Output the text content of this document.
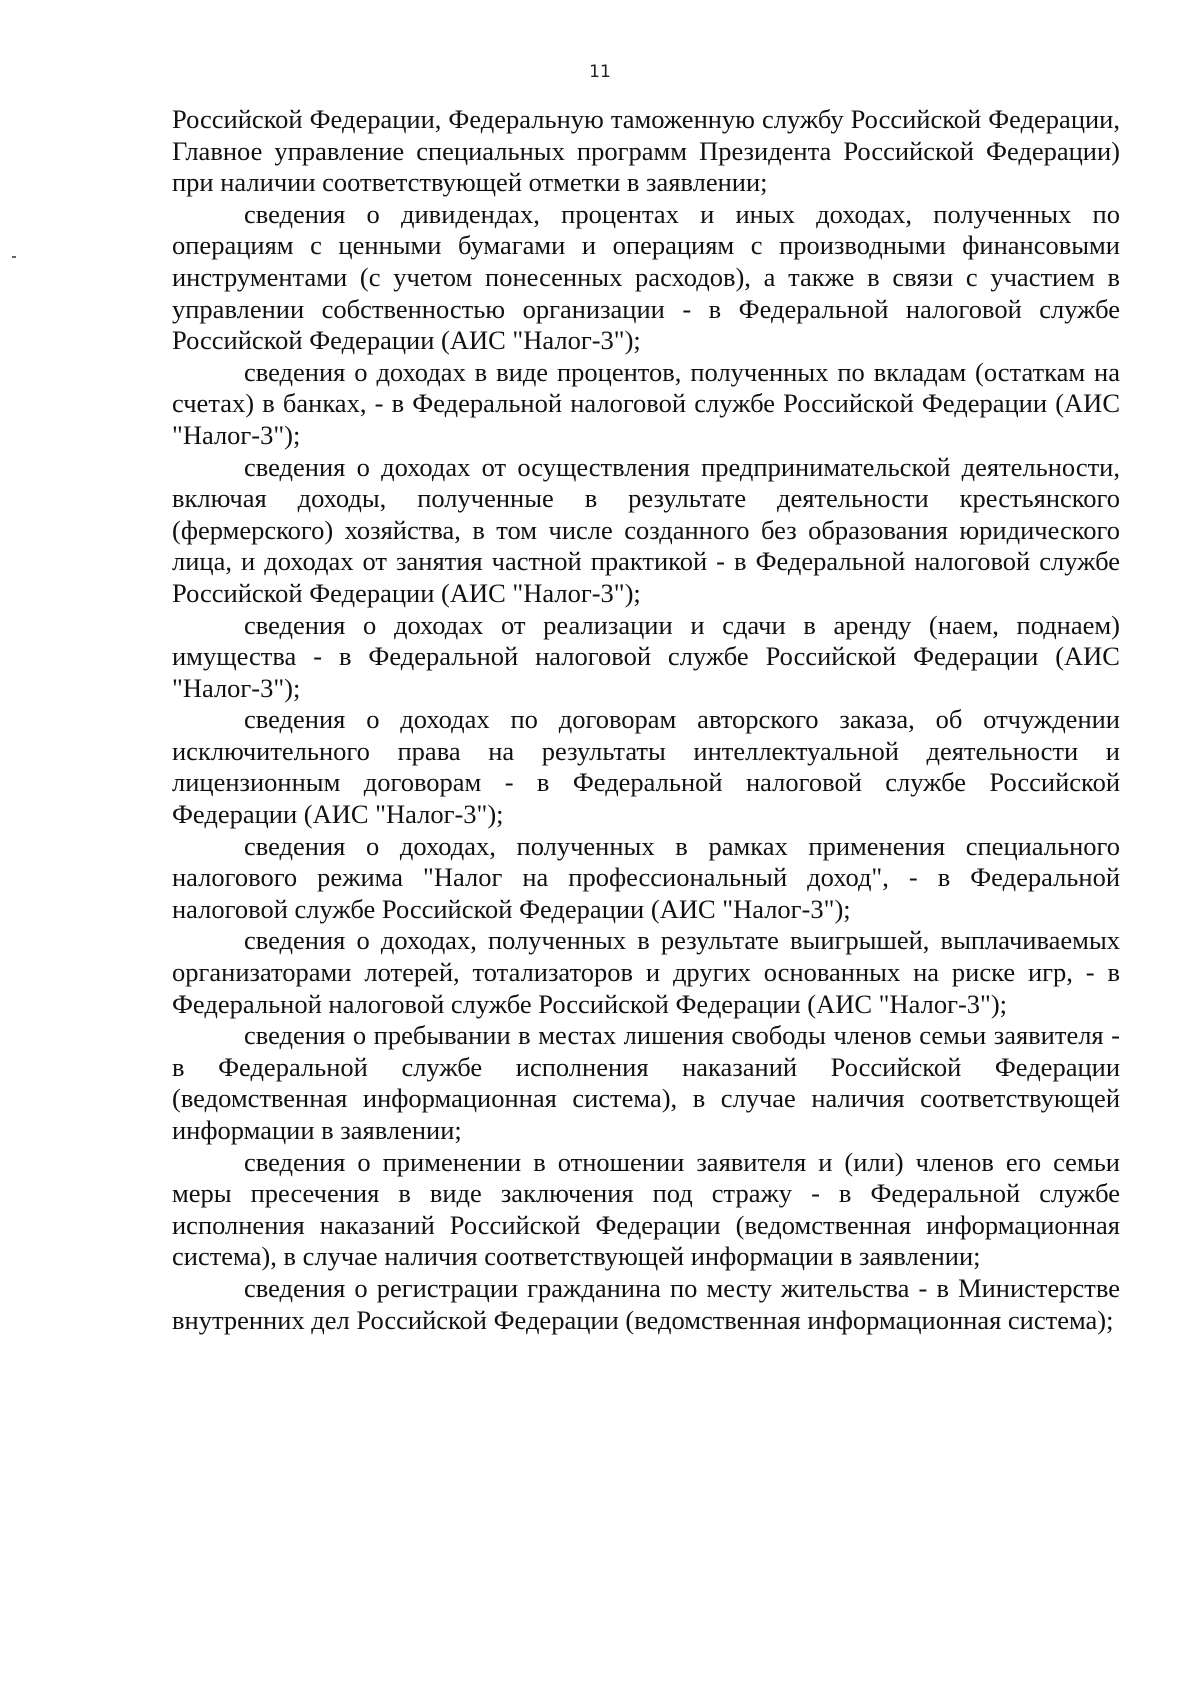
11

Российской Федерации, Федеральную таможенную службу Российской Федерации, Главное управление специальных программ Президента Российской Федерации) при наличии соответствующей отметки в заявлении;

сведения о дивидендах, процентах и иных доходах, полученных по операциям с ценными бумагами и операциям с производными финансовыми инструментами (с учетом понесенных расходов), а также в связи с участием в управлении собственностью организации - в Федеральной налоговой службе Российской Федерации (АИС "Налог-3");

сведения о доходах в виде процентов, полученных по вкладам (остаткам на счетах) в банках, - в Федеральной налоговой службе Российской Федерации (АИС "Налог-3");

сведения о доходах от осуществления предпринимательской деятельности, включая доходы, полученные в результате деятельности крестьянского (фермерского) хозяйства, в том числе созданного без образования юридического лица, и доходах от занятия частной практикой - в Федеральной налоговой службе Российской Федерации (АИС "Налог-3");

сведения о доходах от реализации и сдачи в аренду (наем, поднаем) имущества - в Федеральной налоговой службе Российской Федерации (АИС "Налог-3");

сведения о доходах по договорам авторского заказа, об отчуждении исключительного права на результаты интеллектуальной деятельности и лицензионным договорам - в Федеральной налоговой службе Российской Федерации (АИС "Налог-3");

сведения о доходах, полученных в рамках применения специального налогового режима "Налог на профессиональный доход", - в Федеральной налоговой службе Российской Федерации (АИС "Налог-3");

сведения о доходах, полученных в результате выигрышей, выплачиваемых организаторами лотерей, тотализаторов и других основанных на риске игр, - в Федеральной налоговой службе Российской Федерации (АИС "Налог-3");

сведения о пребывании в местах лишения свободы членов семьи заявителя - в Федеральной службе исполнения наказаний Российской Федерации (ведомственная информационная система), в случае наличия соответствующей информации в заявлении;

сведения о применении в отношении заявителя и (или) членов его семьи меры пресечения в виде заключения под стражу - в Федеральной службе исполнения наказаний Российской Федерации (ведомственная информационная система), в случае наличия соответствующей информации в заявлении;

сведения о регистрации гражданина по месту жительства - в Министерстве внутренних дел Российской Федерации (ведомственная информационная система);
